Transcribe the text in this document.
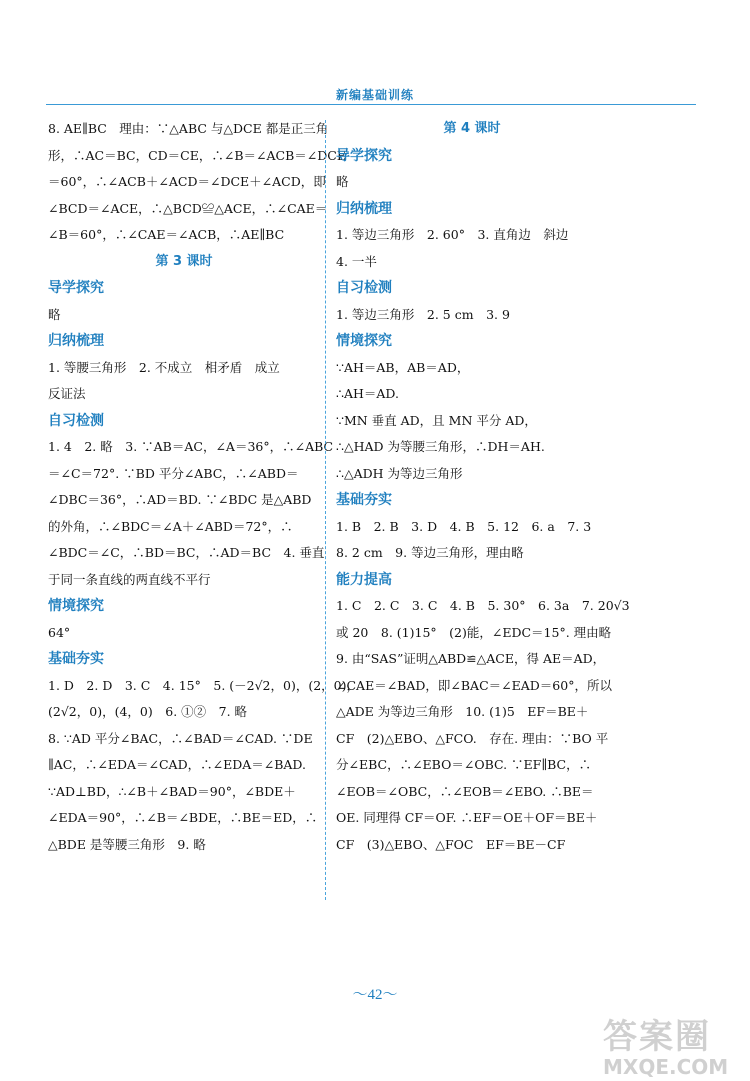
新编基础训练
8. AE∥BC　理由：∵△ABC 与△DCE 都是正三角
形，∴AC＝BC，CD＝CE，∴∠B＝∠ACB＝∠DCE
＝60°，∴∠ACB＋∠ACD＝∠DCE＋∠ACD，即
∠BCD＝∠ACE，∴△BCD≌△ACE，∴∠CAE＝
∠B＝60°，∴∠CAE＝∠ACB，∴AE∥BC
第 3 课时
导学探究
略
归纳梳理
1. 等腰三角形　2. 不成立　相矛盾　成立
反证法
自习检测
1. 4　2. 略　3. ∵AB＝AC，∠A＝36°，∴∠ABC
＝∠C＝72°. ∵BD 平分∠ABC，∴∠ABD＝
∠DBC＝36°，∴AD＝BD. ∵∠BDC 是△ABD
的外角，∴∠BDC＝∠A＋∠ABD＝72°，∴
∠BDC＝∠C，∴BD＝BC，∴AD＝BC　4. 垂直
于同一条直线的两直线不平行
情境探究
64°
基础夯实
1. D　2. D　3. C　4. 15°　5. (－2√2，0)，(2，0)，
(2√2，0)，(4，0)　6. ①②　7. 略
8. ∵AD 平分∠BAC，∴∠BAD＝∠CAD. ∵DE
∥AC，∴∠EDA＝∠CAD，∴∠EDA＝∠BAD.
∵AD⊥BD，∴∠B＋∠BAD＝90°，∠BDE＋
∠EDA＝90°，∴∠B＝∠BDE，∴BE＝ED，∴
△BDE 是等腰三角形　9. 略
第 4 课时
导学探究
略
归纳梳理
1. 等边三角形　2. 60°　3. 直角边　斜边
4. 一半
自习检测
1. 等边三角形　2. 5 cm　3. 9
情境探究
∵AH＝AB，AB＝AD，
∴AH＝AD.
∵MN 垂直 AD，且 MN 平分 AD，
∴△HAD 为等腰三角形，∴DH＝AH.
∴△ADH 为等边三角形
基础夯实
1. B　2. B　3. D　4. B　5. 12　6. a　7. 3
8. 2 cm　9. 等边三角形，理由略
能力提高
1. C　2. C　3. C　4. B　5. 30°　6. 3a　7. 20√3
或 20　8. (1)15°　(2)能，∠EDC＝15°. 理由略
9. 由“SAS”证明△ABD≌△ACE，得 AE＝AD，
∠CAE＝∠BAD，即∠BAC＝∠EAD＝60°，所以
△ADE 为等边三角形　10. (1)5　EF＝BE＋
CF　(2)△EBO、△FCO.　存在. 理由：∵BO 平
分∠EBC，∴∠EBO＝∠OBC. ∵EF∥BC，∴
∠EOB＝∠OBC，∴∠EOB＝∠EBO. ∴BE＝
OE. 同理得 CF＝OF. ∴EF＝OE＋OF＝BE＋
CF　(3)△EBO、△FOC　EF＝BE－CF
～42～
答案圈
MXQE.COM
